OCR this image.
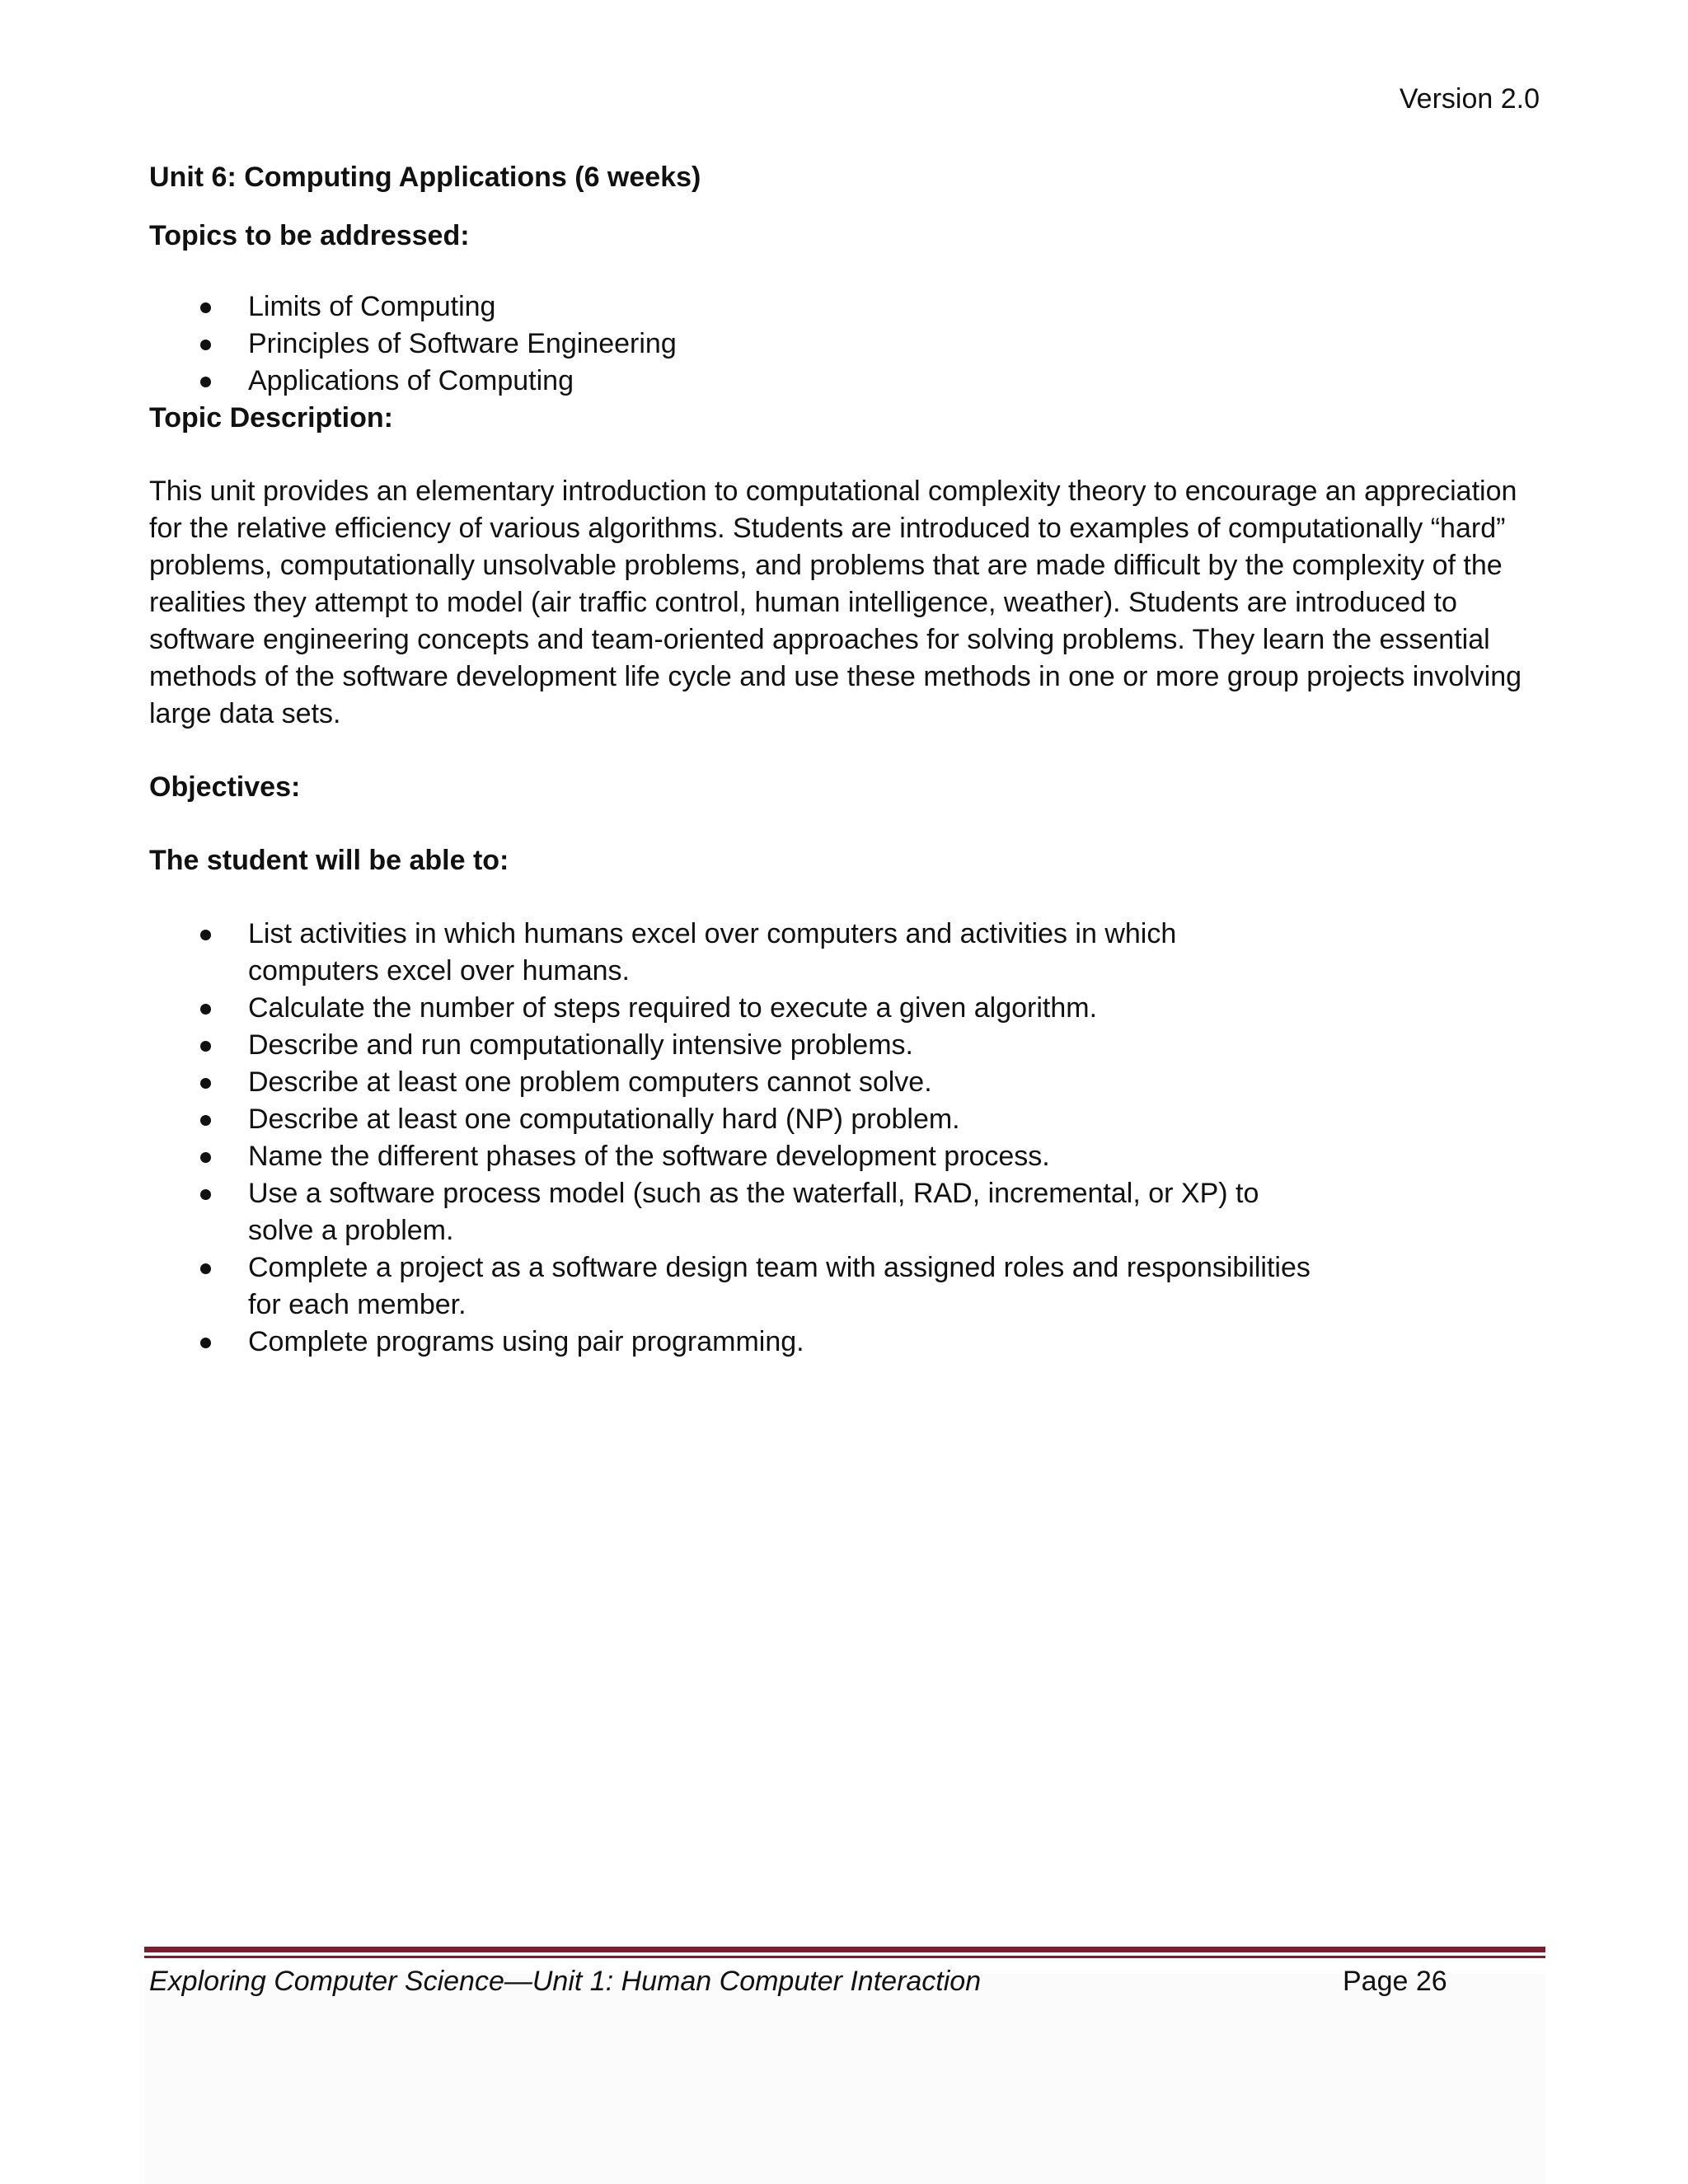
Version 2.0

Unit 6: Computing Applications (6 weeks)

Topics to be addressed:

Limits of Computing
Principles of Software Engineering
Applications of Computing

Topic Description:

This unit provides an elementary introduction to computational complexity theory to encourage an appreciation for the relative efficiency of various algorithms. Students are introduced to examples of computationally “hard” problems, computationally unsolvable problems, and problems that are made difficult by the complexity of the realities they attempt to model (air traffic control, human intelligence, weather). Students are introduced to software engineering concepts and team-oriented approaches for solving problems. They learn the essential methods of the software development life cycle and use these methods in one or more group projects involving large data sets.

Objectives:

The student will be able to:

List activities in which humans excel over computers and activities in which computers excel over humans.
Calculate the number of steps required to execute a given algorithm.
Describe and run computationally intensive problems.
Describe at least one problem computers cannot solve.
Describe at least one computationally hard (NP) problem.
Name the different phases of the software development process.
Use a software process model (such as the waterfall, RAD, incremental, or XP) to solve a problem.
Complete a project as a software design team with assigned roles and responsibilities for each member.
Complete programs using pair programming.
Exploring Computer Science—Unit 1: Human Computer Interaction	Page 26
